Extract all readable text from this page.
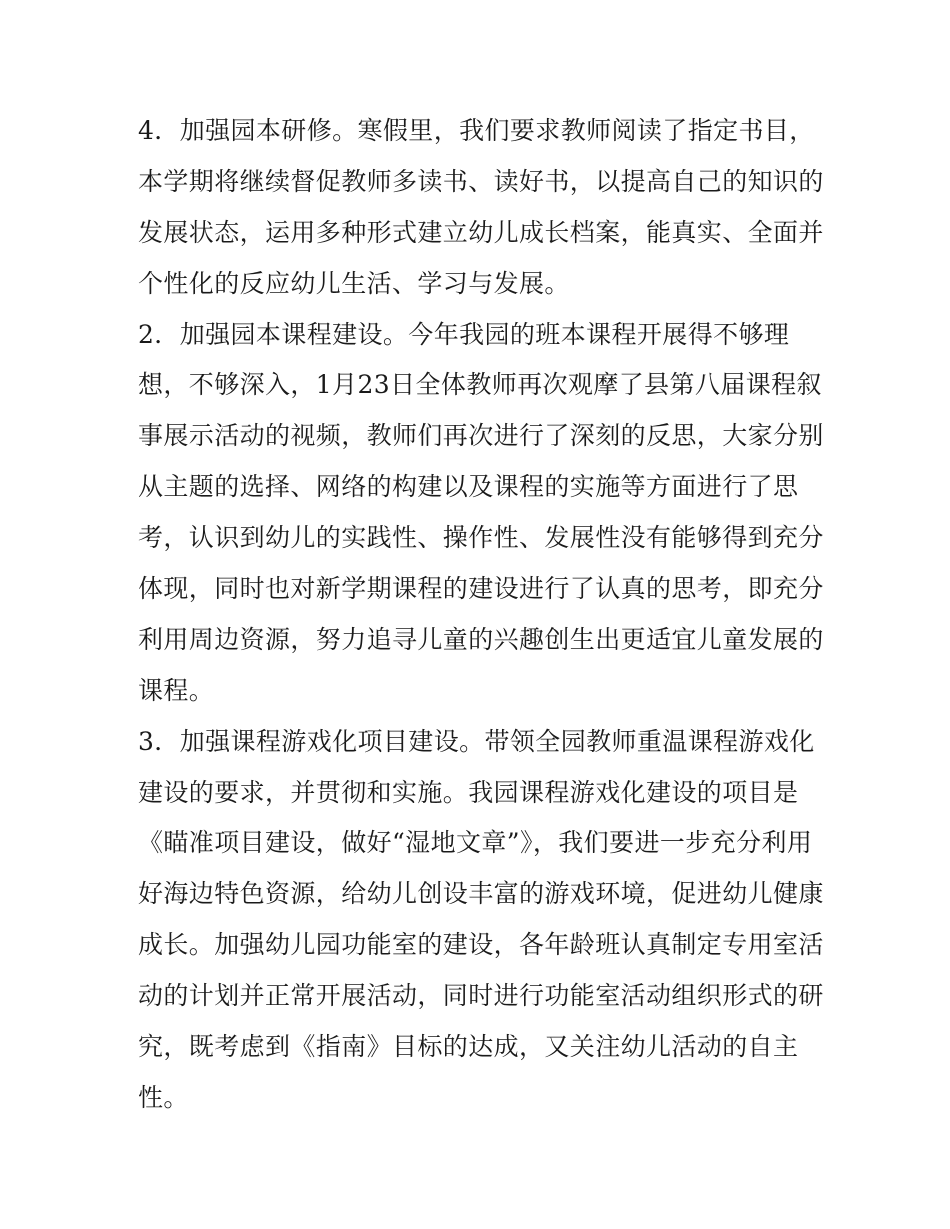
4．加强园本研修。寒假里，我们要求教师阅读了指定书目，
本学期将继续督促教师多读书、读好书，以提高自己的知识的
发展状态，运用多种形式建立幼儿成长档案，能真实、全面并
个性化的反应幼儿生活、学习与发展。
2．加强园本课程建设。今年我园的班本课程开展得不够理
想，不够深入，1月23日全体教师再次观摩了县第八届课程叙
事展示活动的视频，教师们再次进行了深刻的反思，大家分别
从主题的选择、网络的构建以及课程的实施等方面进行了思
考，认识到幼儿的实践性、操作性、发展性没有能够得到充分
体现，同时也对新学期课程的建设进行了认真的思考，即充分
利用周边资源，努力追寻儿童的兴趣创生出更适宜儿童发展的
课程。
3．加强课程游戏化项目建设。带领全园教师重温课程游戏化
建设的要求，并贯彻和实施。我园课程游戏化建设的项目是
《瞄准项目建设，做好“湿地文章”》，我们要进一步充分利用
好海边特色资源，给幼儿创设丰富的游戏环境，促进幼儿健康
成长。加强幼儿园功能室的建设，各年龄班认真制定专用室活
动的计划并正常开展活动，同时进行功能室活动组织形式的研
究，既考虑到《指南》目标的达成，又关注幼儿活动的自主
性。
